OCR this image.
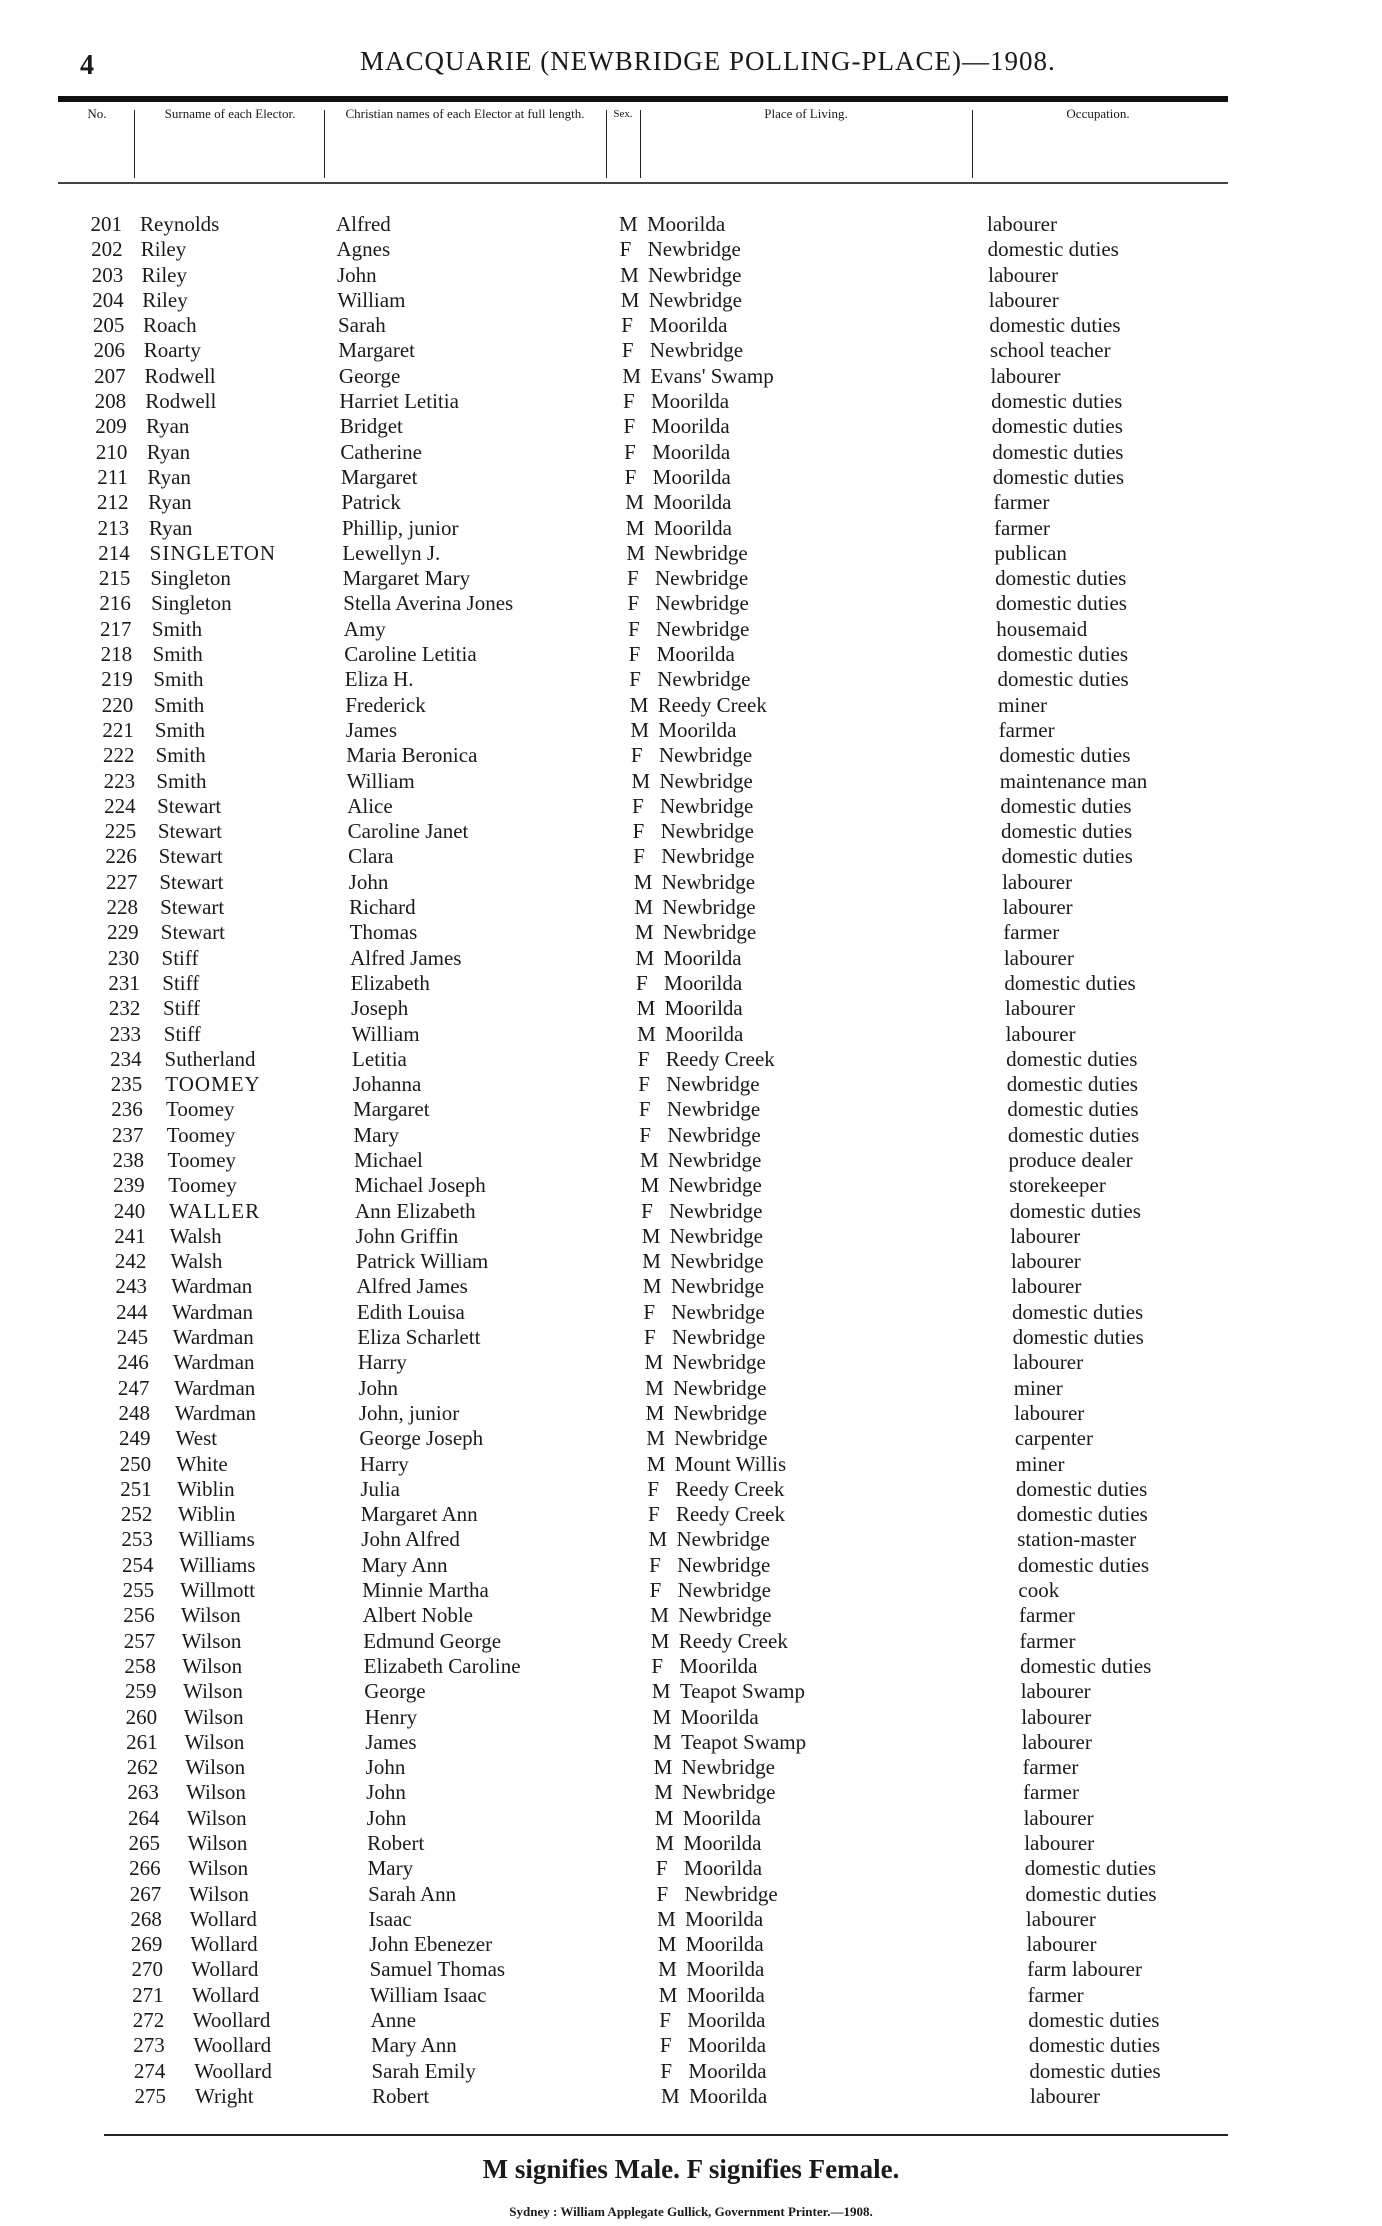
4	MACQUARIE (NEWBRIDGE POLLING-PLACE)—1908.
No.	Surname of each Elector.	Christian names of each Elector at full length.	Sex.	Place of Living.	Occupation.
201 Reynolds	Alfred	M Moorilda	labourer
202 Riley	Agnes	F Newbridge	domestic duties
203 Riley	John	M Newbridge	labourer
204 Riley	William	M Newbridge	labourer
205 Roach	Sarah	F Moorilda	domestic duties
206 Roarty	Margaret	F Newbridge	school teacher
207 Rodwell	George	M Evans' Swamp	labourer
208 Rodwell	Harriet Letitia	F Moorilda	domestic duties
209 Ryan	Bridget	F Moorilda	domestic duties
210 Ryan	Catherine	F Moorilda	domestic duties
211 Ryan	Margaret	F Moorilda	domestic duties
212 Ryan	Patrick	M Moorilda	farmer
213 Ryan	Phillip, junior	M Moorilda	farmer
214 SINGLETON	Lewellyn J.	M Newbridge	publican
215 Singleton	Margaret Mary	F Newbridge	domestic duties
216 Singleton	Stella Averina Jones	F Newbridge	domestic duties
217 Smith	Amy	F Newbridge	housemaid
218 Smith	Caroline Letitia	F Moorilda	domestic duties
219 Smith	Eliza H.	F Newbridge	domestic duties
220 Smith	Frederick	M Reedy Creek	miner
221 Smith	James	M Moorilda	farmer
222 Smith	Maria Beronica	F Newbridge	domestic duties
223 Smith	William	M Newbridge	maintenance man
224 Stewart	Alice	F Newbridge	domestic duties
225 Stewart	Caroline Janet	F Newbridge	domestic duties
226 Stewart	Clara	F Newbridge	domestic duties
227 Stewart	John	M Newbridge	labourer
228 Stewart	Richard	M Newbridge	labourer
229 Stewart	Thomas	M Newbridge	farmer
230 Stiff	Alfred James	M Moorilda	labourer
231 Stiff	Elizabeth	F Moorilda	domestic duties
232 Stiff	Joseph	M Moorilda	labourer
233 Stiff	William	M Moorilda	labourer
234 Sutherland	Letitia	F Reedy Creek	domestic duties
235 TOOMEY	Johanna	F Newbridge	domestic duties
236 Toomey	Margaret	F Newbridge	domestic duties
237 Toomey	Mary	F Newbridge	domestic duties
238 Toomey	Michael	M Newbridge	produce dealer
239 Toomey	Michael Joseph	M Newbridge	storekeeper
240 WALLER	Ann Elizabeth	F Newbridge	domestic duties
241 Walsh	John Griffin	M Newbridge	labourer
242 Walsh	Patrick William	M Newbridge	labourer
243 Wardman	Alfred James	M Newbridge	labourer
244 Wardman	Edith Louisa	F Newbridge	domestic duties
245 Wardman	Eliza Scharlett	F Newbridge	domestic duties
246 Wardman	Harry	M Newbridge	labourer
247 Wardman	John	M Newbridge	miner
248 Wardman	John, junior	M Newbridge	labourer
249 West	George Joseph	M Newbridge	carpenter
250 White	Harry	M Mount Willis	miner
251 Wiblin	Julia	F Reedy Creek	domestic duties
252 Wiblin	Margaret Ann	F Reedy Creek	domestic duties
253 Williams	John Alfred	M Newbridge	station-master
254 Williams	Mary Ann	F Newbridge	domestic duties
255 Willmott	Minnie Martha	F Newbridge	cook
256 Wilson	Albert Noble	M Newbridge	farmer
257 Wilson	Edmund George	M Reedy Creek	farmer
258 Wilson	Elizabeth Caroline	F Moorilda	domestic duties
259 Wilson	George	M Teapot Swamp	labourer
260 Wilson	Henry	M Moorilda	labourer
261 Wilson	James	M Teapot Swamp	labourer
262 Wilson	John	M Newbridge	farmer
263 Wilson	John	M Newbridge	farmer
264 Wilson	John	M Moorilda	labourer
265 Wilson	Robert	M Moorilda	labourer
266 Wilson	Mary	F Moorilda	domestic duties
267 Wilson	Sarah Ann	F Newbridge	domestic duties
268 Wollard	Isaac	M Moorilda	labourer
269 Wollard	John Ebenezer	M Moorilda	labourer
270 Wollard	Samuel Thomas	M Moorilda	farm labourer
271 Wollard	William Isaac	M Moorilda	farmer
272 Woollard	Anne	F Moorilda	domestic duties
273 Woollard	Mary Ann	F Moorilda	domestic duties
274 Woollard	Sarah Emily	F Moorilda	domestic duties
275 Wright	Robert	M Moorilda	labourer
M signifies Male. F signifies Female.
Sydney : William Applegate Gullick, Government Printer.—1908.
